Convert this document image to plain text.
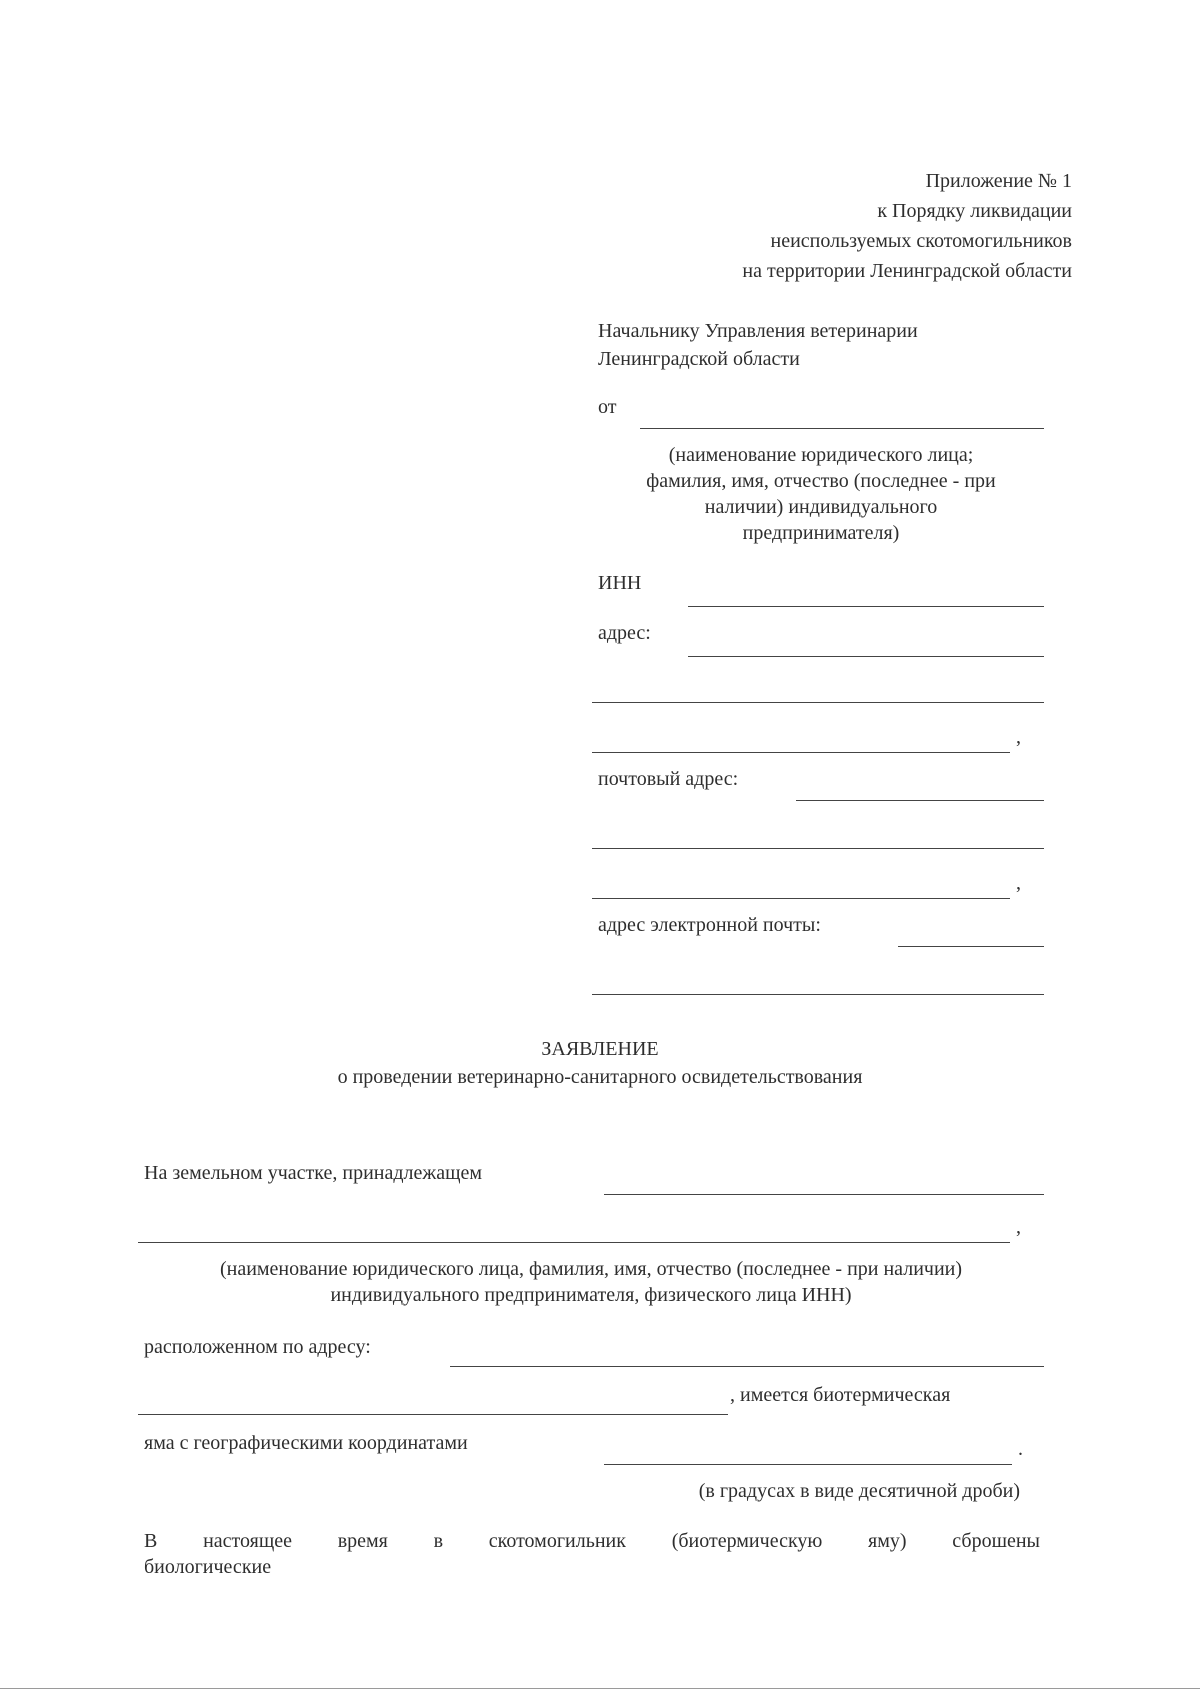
Приложение № 1
к Порядку ликвидации
неиспользуемых скотомогильников
на территории Ленинградской области
Начальнику Управления ветеринарии
Ленинградской области
от
(наименование юридического лица;
фамилия, имя, отчество (последнее - при
наличии) индивидуального
предпринимателя)
ИНН
адрес:
,
почтовый адрес:
,
адрес электронной почты:
ЗАЯВЛЕНИЕ
о проведении ветеринарно-санитарного освидетельствования
На земельном участке, принадлежащем
,
(наименование юридического лица, фамилия, имя, отчество (последнее - при наличии)
индивидуального предпринимателя, физического лица ИНН)
расположенном по адресу:
, имеется биотермическая
яма с географическими координатами	.
(в градусах в виде десятичной дроби)
В настоящее время в скотомогильник (биотермическую яму) сброшены
биологические
